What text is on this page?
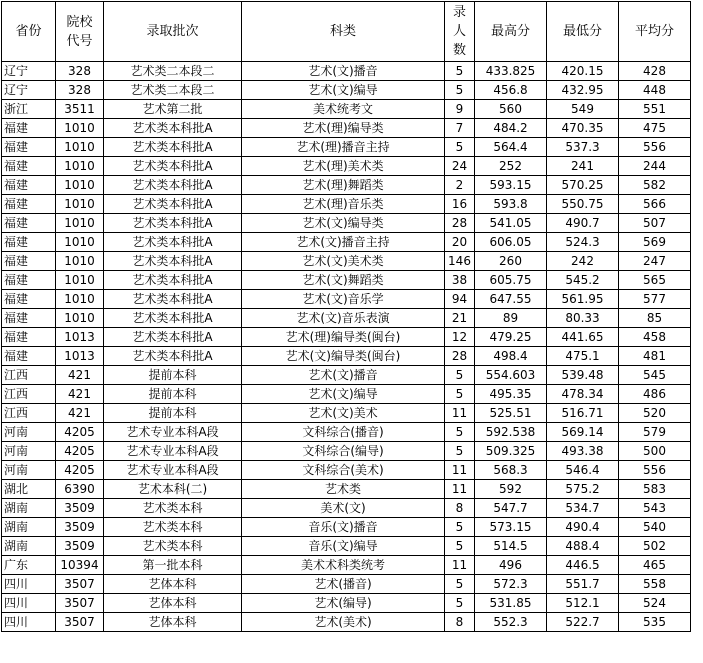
省份	院校代号	录取批次	科类	录人数	最高分	最低分	平均分
辽宁	328	艺术类二本段二	艺术(文)播音	5	433.825	420.15	428
辽宁	328	艺术类二本段二	艺术(文)编导	5	456.8	432.95	448
浙江	3511	艺术第二批	美术统考文	9	560	549	551
福建	1010	艺术类本科批A	艺术(理)编导类	7	484.2	470.35	475
福建	1010	艺术类本科批A	艺术(理)播音主持	5	564.4	537.3	556
福建	1010	艺术类本科批A	艺术(理)美术类	24	252	241	244
福建	1010	艺术类本科批A	艺术(理)舞蹈类	2	593.15	570.25	582
福建	1010	艺术类本科批A	艺术(理)音乐类	16	593.8	550.75	566
福建	1010	艺术类本科批A	艺术(文)编导类	28	541.05	490.7	507
福建	1010	艺术类本科批A	艺术(文)播音主持	20	606.05	524.3	569
福建	1010	艺术类本科批A	艺术(文)美术类	146	260	242	247
福建	1010	艺术类本科批A	艺术(文)舞蹈类	38	605.75	545.2	565
福建	1010	艺术类本科批A	艺术(文)音乐学	94	647.55	561.95	577
福建	1010	艺术类本科批A	艺术(文)音乐表演	21	89	80.33	85
福建	1013	艺术类本科批A	艺术(理)编导类(闽台)	12	479.25	441.65	458
福建	1013	艺术类本科批A	艺术(文)编导类(闽台)	28	498.4	475.1	481
江西	421	提前本科	艺术(文)播音	5	554.603	539.48	545
江西	421	提前本科	艺术(文)编导	5	495.35	478.34	486
江西	421	提前本科	艺术(文)美术	11	525.51	516.71	520
河南	4205	艺术专业本科A段	文科综合(播音)	5	592.538	569.14	579
河南	4205	艺术专业本科A段	文科综合(编导)	5	509.325	493.38	500
河南	4205	艺术专业本科A段	文科综合(美术)	11	568.3	546.4	556
湖北	6390	艺术本科(二)	艺术类	11	592	575.2	583
湖南	3509	艺术类本科	美术(文)	8	547.7	534.7	543
湖南	3509	艺术类本科	音乐(文)播音	5	573.15	490.4	540
湖南	3509	艺术类本科	音乐(文)编导	5	514.5	488.4	502
广东	10394	第一批本科	美术术科类统考	11	496	446.5	465
四川	3507	艺体本科	艺术(播音)	5	572.3	551.7	558
四川	3507	艺体本科	艺术(编导)	5	531.85	512.1	524
四川	3507	艺体本科	艺术(美术)	8	552.3	522.7	535
